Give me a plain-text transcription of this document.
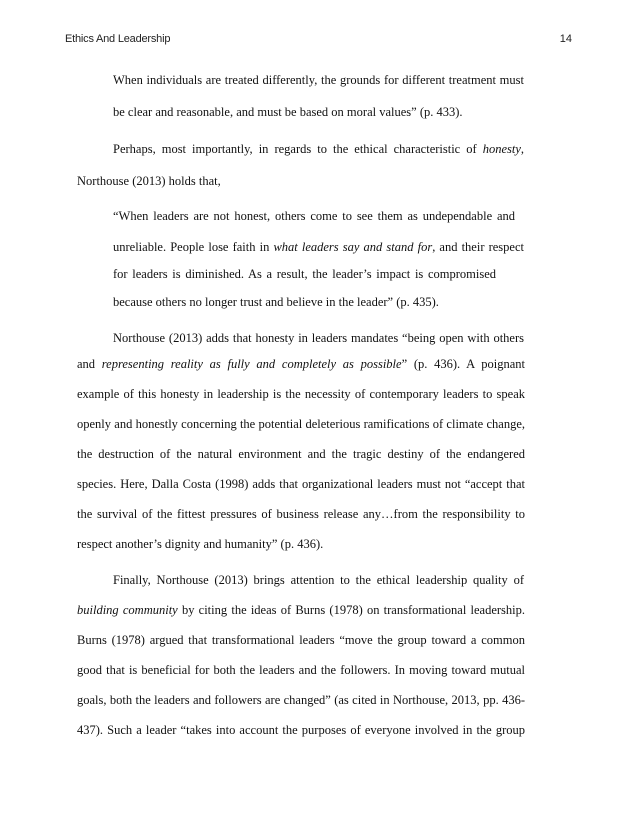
Ethics And Leadership	14
When individuals are treated differently, the grounds for different treatment must
be clear and reasonable, and must be based on moral values” (p. 433).
Perhaps, most importantly, in regards to the ethical characteristic of honesty,
Northouse (2013) holds that,
“When leaders are not honest, others come to see them as undependable and
unreliable. People lose faith in what leaders say and stand for, and their respect
for leaders is diminished. As a result, the leader’s impact is compromised
because others no longer trust and believe in the leader” (p. 435).
Northouse (2013) adds that honesty in leaders mandates “being open with others
and representing reality as fully and completely as possible” (p. 436). A poignant
example of this honesty in leadership is the necessity of contemporary leaders to speak
openly and honestly concerning the potential deleterious ramifications of climate change,
the destruction of the natural environment and the tragic destiny of the endangered
species. Here, Dalla Costa (1998) adds that organizational leaders must not “accept that
the survival of the fittest pressures of business release any…from the responsibility to
respect another’s dignity and humanity” (p. 436).
Finally, Northouse (2013) brings attention to the ethical leadership quality of
building community by citing the ideas of Burns (1978) on transformational leadership.
Burns (1978) argued that transformational leaders “move the group toward a common
good that is beneficial for both the leaders and the followers. In moving toward mutual
goals, both the leaders and followers are changed” (as cited in Northouse, 2013, pp. 436-
437). Such a leader “takes into account the purposes of everyone involved in the group
